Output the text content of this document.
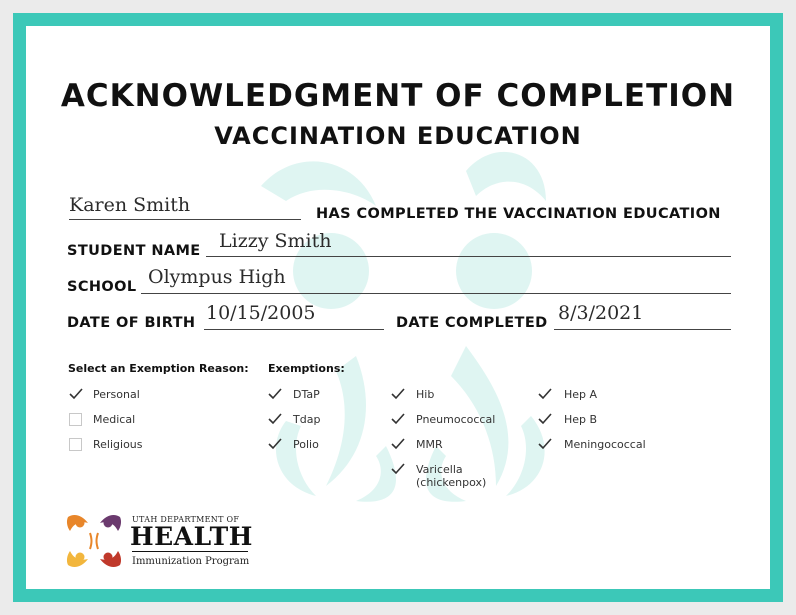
ACKNOWLEDGMENT OF COMPLETION
VACCINATION EDUCATION
Karen Smith	HAS COMPLETED THE VACCINATION EDUCATION
STUDENT NAME Lizzy Smith
SCHOOL Olympus High
DATE OF BIRTH 10/15/2005	DATE COMPLETED 8/3/2021
Select an Exemption Reason:
Personal
Medical
Religious
Exemptions:
DTaP
Tdap
Polio
Hib
Pneumococcal
MMR
Varicella
(chickenpox)
Hep A
Hep B
Meningococcal
UTAH DEPARTMENT OF
HEALTH
Immunization Program
